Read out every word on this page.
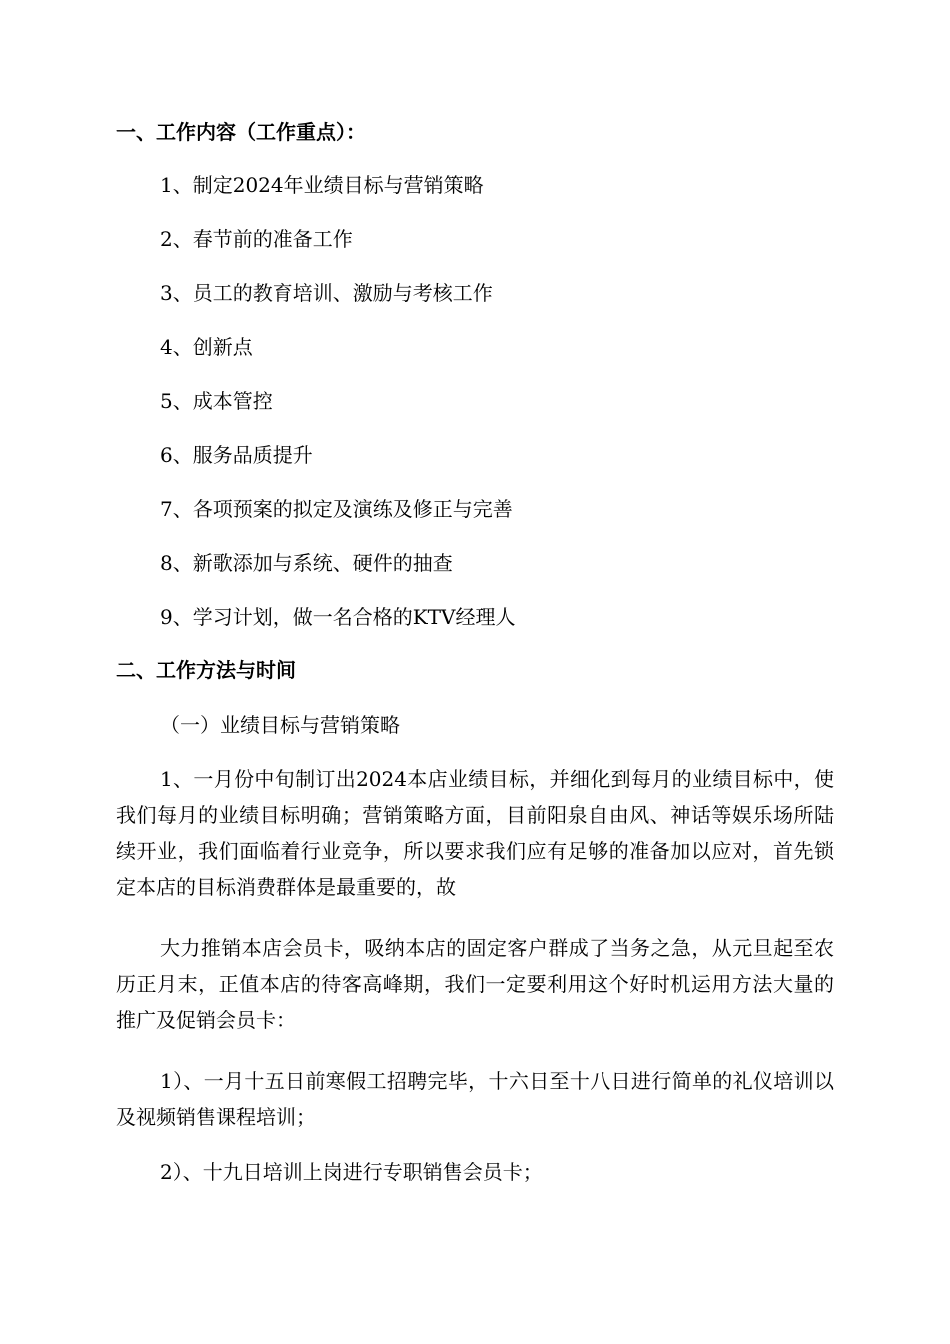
一、工作内容（工作重点）：
1、制定2024年业绩目标与营销策略
2、春节前的准备工作
3、员工的教育培训、激励与考核工作
4、创新点
5、成本管控
6、服务品质提升
7、各项预案的拟定及演练及修正与完善
8、新歌添加与系统、硬件的抽查
9、学习计划，做一名合格的KTV经理人
二、工作方法与时间
（一）业绩目标与营销策略
1、一月份中旬制订出2024本店业绩目标，并细化到每月的业绩目标中，使我们每月的业绩目标明确；营销策略方面，目前阳泉自由风、神话等娱乐场所陆续开业，我们面临着行业竞争，所以要求我们应有足够的准备加以应对，首先锁定本店的目标消费群体是最重要的，故
大力推销本店会员卡，吸纳本店的固定客户群成了当务之急，从元旦起至农历正月末，正值本店的待客高峰期，我们一定要利用这个好时机运用方法大量的推广及促销会员卡：
1）、一月十五日前寒假工招聘完毕，十六日至十八日进行简单的礼仪培训以及视频销售课程培训；
2）、十九日培训上岗进行专职销售会员卡；
